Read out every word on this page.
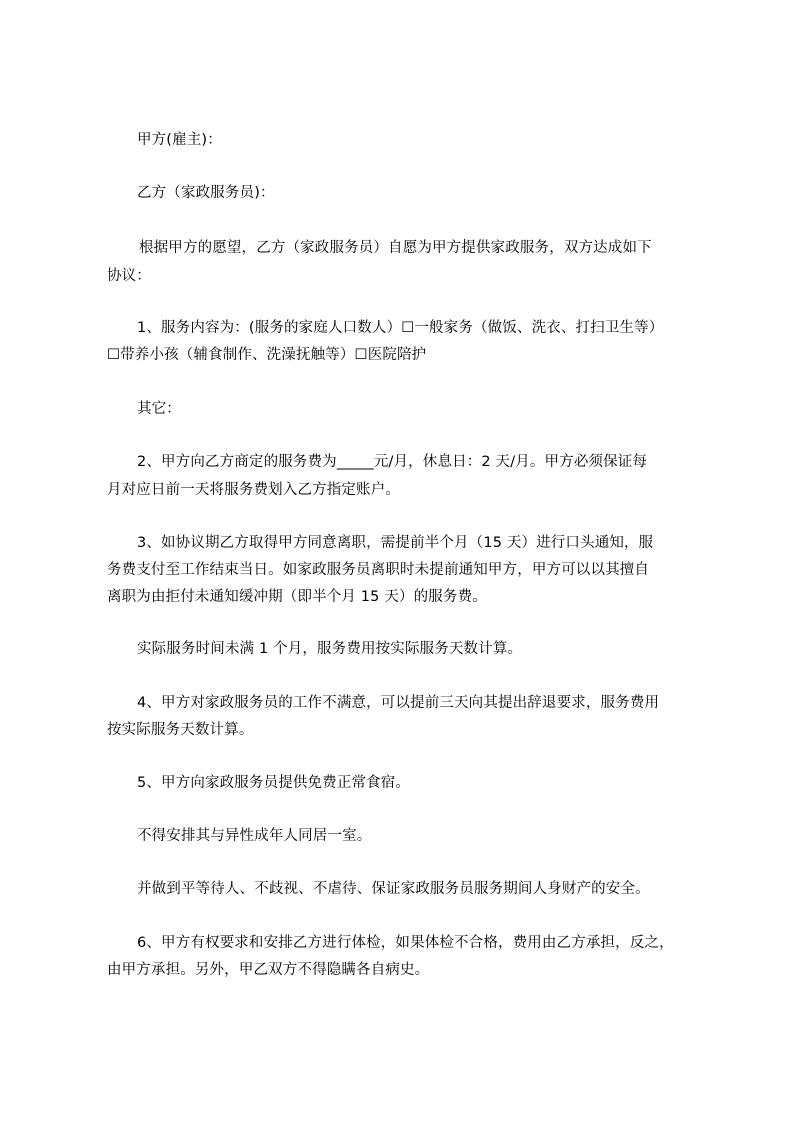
甲方(雇主)：
乙方（家政服务员)：
根据甲方的愿望，乙方（家政服务员）自愿为甲方提供家政服务，双方达成如下
协议：
1、服务内容为：(服务的家庭人口数人）☐一般家务（做饭、洗衣、打扫卫生等）
☐带养小孩（辅食制作、洗澡抚触等）☐医院陪护
其它：
2、甲方向乙方商定的服务费为_____元/月，休息日：2 天/月。甲方必须保证每
月对应日前一天将服务费划入乙方指定账户。
3、如协议期乙方取得甲方同意离职，需提前半个月（15 天）进行口头通知，服
务费支付至工作结束当日。如家政服务员离职时未提前通知甲方，甲方可以以其擅自
离职为由拒付未通知缓冲期（即半个月 15 天）的服务费。
实际服务时间未满 1 个月，服务费用按实际服务天数计算。
4、甲方对家政服务员的工作不满意，可以提前三天向其提出辞退要求，服务费用
按实际服务天数计算。
5、甲方向家政服务员提供免费正常食宿。
不得安排其与异性成年人同居一室。
并做到平等待人、不歧视、不虐待、保证家政服务员服务期间人身财产的安全。
6、甲方有权要求和安排乙方进行体检，如果体检不合格，费用由乙方承担，反之，
由甲方承担。另外，甲乙双方不得隐瞒各自病史。
